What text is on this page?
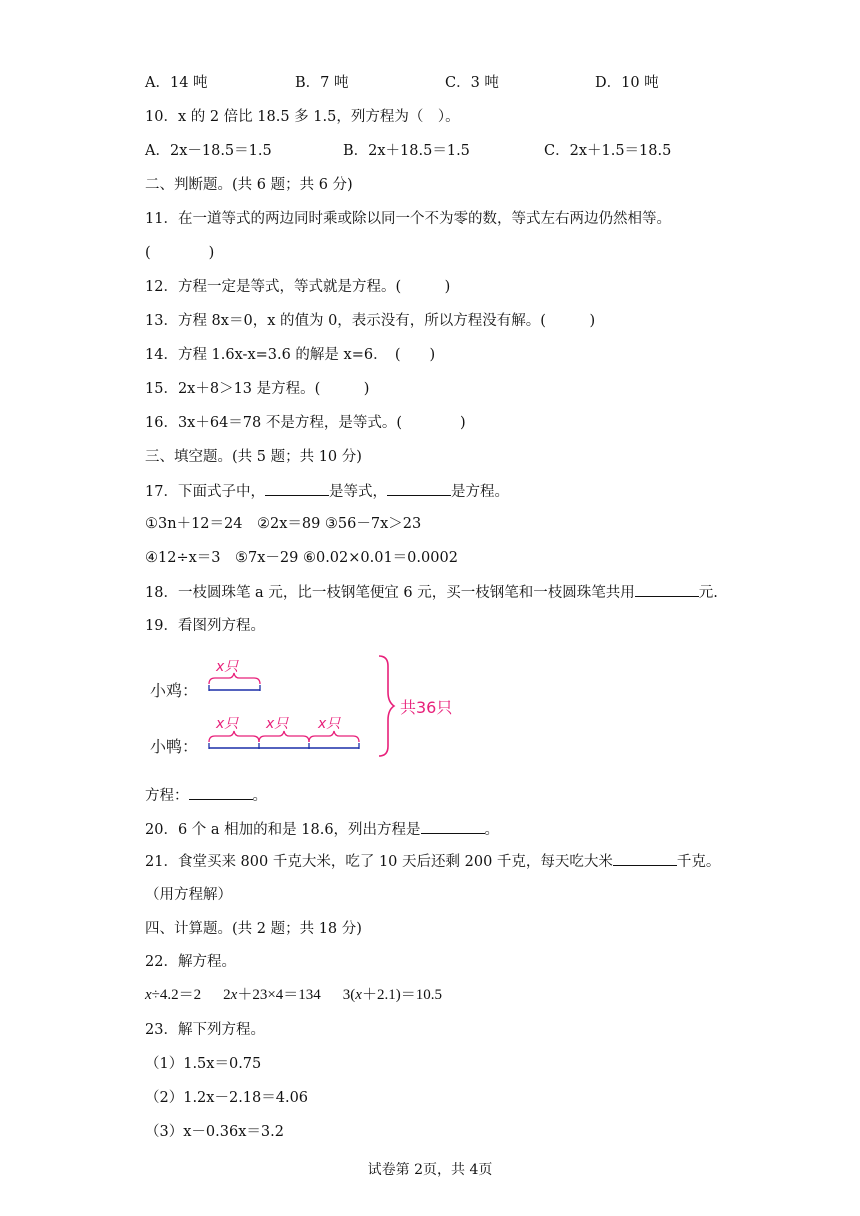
A．14 吨	B．7 吨	C．3 吨	D．10 吨
10．x 的 2 倍比 18.5 多 1.5，列方程为（　）。
A．2x－18.5＝1.5	B．2x＋18.5＝1.5	C．2x＋1.5＝18.5
二、判断题。(共 6 题；共 6 分)
11．在一道等式的两边同时乘或除以同一个不为零的数，等式左右两边仍然相等。
(　　　　)
12．方程一定是等式，等式就是方程。(　　　)
13．方程 8x＝0，x 的值为 0，表示没有，所以方程没有解。(　　　)
14．方程 1.6x-x=3.6 的解是 x=6．　(　　)
15．2x＋8＞13 是方程。(　　　)
16．3x＋64＝78 不是方程，是等式。(　　　　)
三、填空题。(共 5 题；共 10 分)
17．下面式子中，	是等式，	是方程。
①3n＋12＝24　②2x＝89 ③56－7x＞23
④12÷x＝3　⑤7x－29 ⑥0.02×0.01＝0.0002
18．一枝圆珠笔 a 元，比一枝钢笔便宜 6 元，买一枝钢笔和一枝圆珠笔共用	元.
19．看图列方程。
小鸡：
小鸭：
x只
x只 x只 x只
共36只
方程：	。
20．6 个 a 相加的和是 18.6，列出方程是	。
21．食堂买来 800 千克大米，吃了 10 天后还剩 200 千克，每天吃大米	千克。
（用方程解）
四、计算题。(共 2 题；共 18 分)
22．解方程。
x÷4.2＝2 2x＋23×4＝134 3(x＋2.1)＝10.5
23．解下列方程。
（1）1.5x＝0.75
（2）1.2x－2.18＝4.06
（3）x－0.36x＝3.2
试卷第 2页，共 4页
